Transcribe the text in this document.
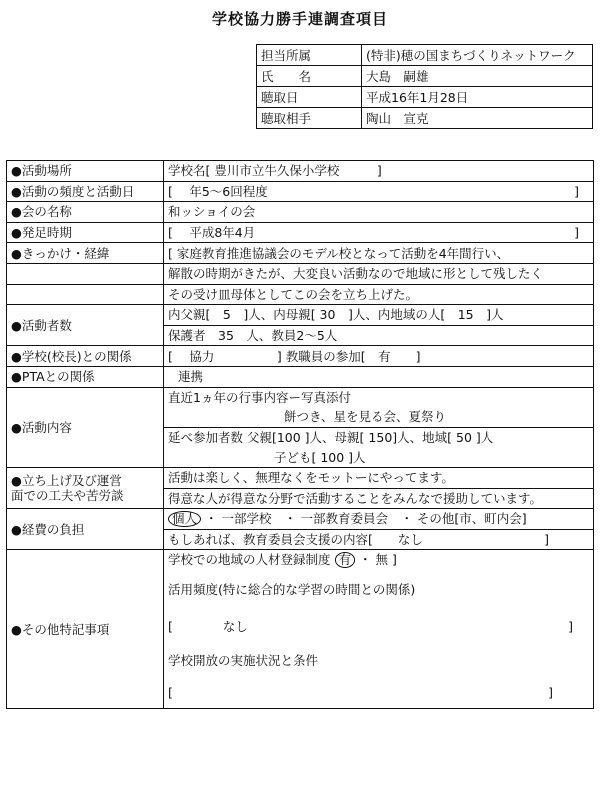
学校協力勝手連調査項目
担当所属	(特非)穂の国まちづくりネットワーク
氏　　名	大島　嗣雄
聴取日	平成16年1月28日
聴取相手	陶山　宣克
●活動場所	学校名[ 豊川市立牛久保小学校　　　]
●活動の頻度と活動日	[ 　年5～6回程度 ]

●会の名称	和ッショイの会
●発足時期	[ 　平成8年4月 ]

●きっかけ・経緯	[ 家庭教育推進協議会のモデル校となって活動を4年間行い、
	解散の時期がきたが、大変良い活動なので地域に形として残したく
	その受け皿母体としてこの会を立ち上げた。
●活動者数	内父親[　5　]人、内母親[ 30　]人、内地域の人[　15　]人
	保護者　35　人、教員2～5人
●学校(校長)との関係	[ 　協力　　　　　] 教職員の参加[　有　　]
●PTAとの関係	連携
●活動内容	直近1ヵ年の行事内容ー写真添付
	餅つき、星を見る会、夏祭り
	延べ参加者数 父親[100 ]人、母親[ 150]人、地域[ 50 ]人
	子ども[ 100 ]人
●立ち上げ及び運営
面での工夫や苦労談	活動は楽しく、無理なくをモットーにやってます。
	得意な人が得意な分野で活動することをみんなで援助しています。
●経費の負担	個人 ・ 一部学校　・ 一部教育委員会　・ その他[市、町内会]
	もしあれば、教育委員会支援の内容[　　なし ]

●その他特記事項	学校での地域の人材登録制度 有 ・ 無 ]
	活用頻度(特に総合的な学習の時間との関係)
	[　　　　なし ]

	学校開放の実施状況と条件
	[ ]
